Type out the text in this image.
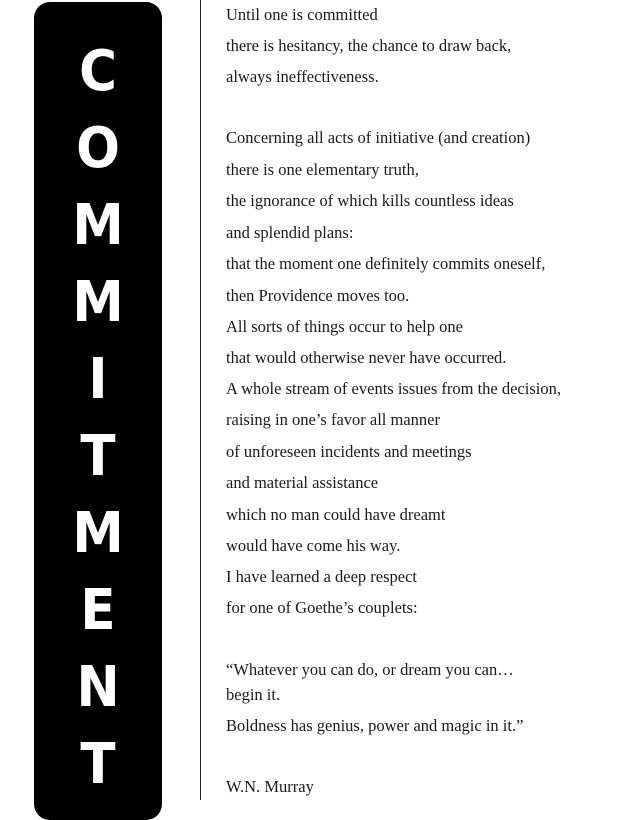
C
O
M
M
I
T
M
E
N
T
Until one is committed
there is hesitancy, the chance to draw back,
always ineffectiveness.
Concerning all acts of initiative (and creation)
there is one elementary truth,
the ignorance of which kills countless ideas
and splendid plans:
that the moment one definitely commits oneself,
then Providence moves too.
All sorts of things occur to help one
that would otherwise never have occurred.
A whole stream of events issues from the decision,
raising in one’s favor all manner
of unforeseen incidents and meetings
and material assistance
which no man could have dreamt
would have come his way.
I have learned a deep respect
for one of Goethe’s couplets:
“Whatever you can do, or dream you can…
begin it.
Boldness has genius, power and magic in it.”
W.N. Murray
